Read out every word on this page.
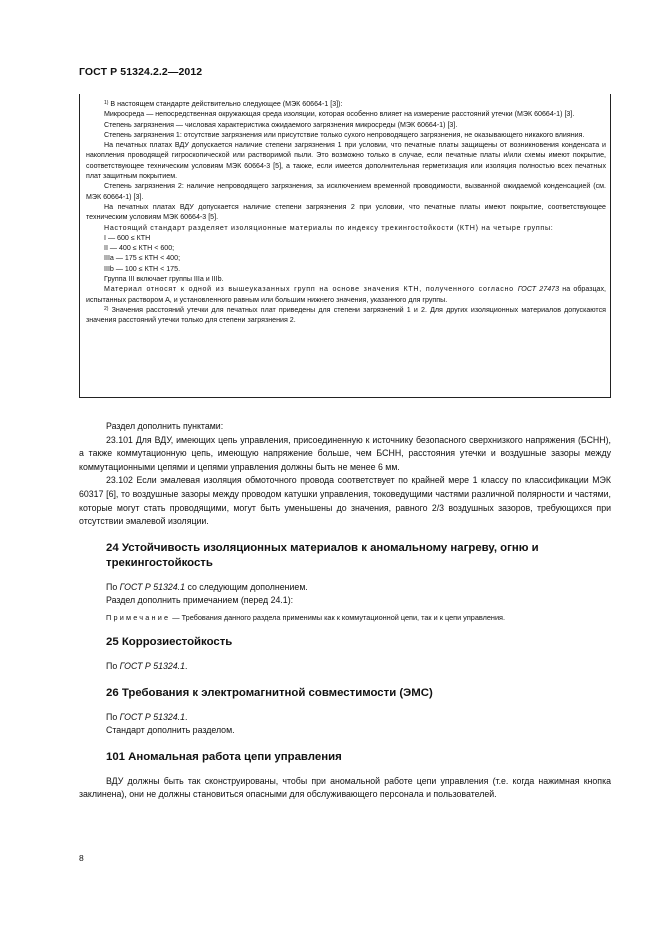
ГОСТ Р 51324.2.2—2012

$^{1)}$ В настоящем стандарте действительно следующее (МЭК 60664-1 [3]):

Микросреда — непосредственная окружающая среда изоляции, которая особенно влияет на измерение расстояний утечки (МЭК 60664-1) [3].

Степень загрязнения — числовая характеристика ожидаемого загрязнения микросреды (МЭК 60664-1) [3].

Степень загрязнения 1: отсутствие загрязнения или присутствие только сухого непроводящего загрязнения, не оказывающего никакого влияния.

На печатных платах ВДУ допускается наличие степени загрязнения 1 при условии, что печатные платы защищены от возникновения конденсата и накопления проводящей гигроскопической или растворимой пыли. Это возможно только в случае, если печатные платы и/или схемы имеют покрытие, соответствующее техническим условиям МЭК 60664-3 [5], а также, если имеется дополнительная герметизация или изоляция полностью всех печатных плат защитным покрытием.

Степень загрязнения 2: наличие непроводящего загрязнения, за исключением временной проводимости, вызванной ожидаемой конденсацией (см. МЭК 60664-1) [3].

На печатных платах ВДУ допускается наличие степени загрязнения 2 при условии, что печатные платы имеют покрытие, соответствующее техническим условиям МЭК 60664-3 [5].

Настоящий стандарт разделяет изоляционные материалы по индексу трекингостойкости (КТН) на четыре группы:

I — 600 ≤ КТН

II — 400 ≤ КТН < 600;

IIIa — 175 ≤ КТН < 400;

IIIb — 100 ≤ КТН < 175.

Группа III включает группы IIIa и IIIb.

Материал относят к одной из вышеуказанных групп на основе значения КТН, полученного согласно ГОСТ 27473 на образцах, испытанных раствором А, и установленного равным или большим нижнего значения, указанного для группы.

$^{2)}$ Значения расстояний утечки для печатных плат приведены для степени загрязнений 1 и 2. Для других изоляционных материалов допускаются значения расстояний утечки только для степени загрязнения 2.

Раздел дополнить пунктами:

23.101 Для ВДУ, имеющих цепь управления, присоединенную к источнику безопасного сверхнизкого напряжения (БСНН), а также коммутационную цепь, имеющую напряжение больше, чем БСНН, расстояния утечки и воздушные зазоры между коммутационными цепями и цепями управления должны быть не менее 6 мм.

23.102 Если эмалевая изоляция обмоточного провода соответствует по крайней мере 1 классу по классификации МЭК 60317 [6], то воздушные зазоры между проводом катушки управления, токоведущими частями различной полярности и частями, которые могут стать проводящими, могут быть уменьшены до значения, равного 2/3 воздушных зазоров, требующихся при отсутствии эмалевой изоляции.

24 Устойчивость изоляционных материалов к аномальному нагреву, огню и трекингостойкость

По ГОСТ Р 51324.1 со следующим дополнением.

Раздел дополнить примечанием (перед 24.1):

Примечание — Требования данного раздела применимы как к коммутационной цепи, так и к цепи управления.

25 Коррозиестойкость

По ГОСТ Р 51324.1.

26 Требования к электромагнитной совместимости (ЭМС)

По ГОСТ Р 51324.1.

Стандарт дополнить разделом.

101 Аномальная работа цепи управления

ВДУ должны быть так сконструированы, чтобы при аномальной работе цепи управления (т.е. когда нажимная кнопка заклинена), они не должны становиться опасными для обслуживающего персонала и пользователей.

8
